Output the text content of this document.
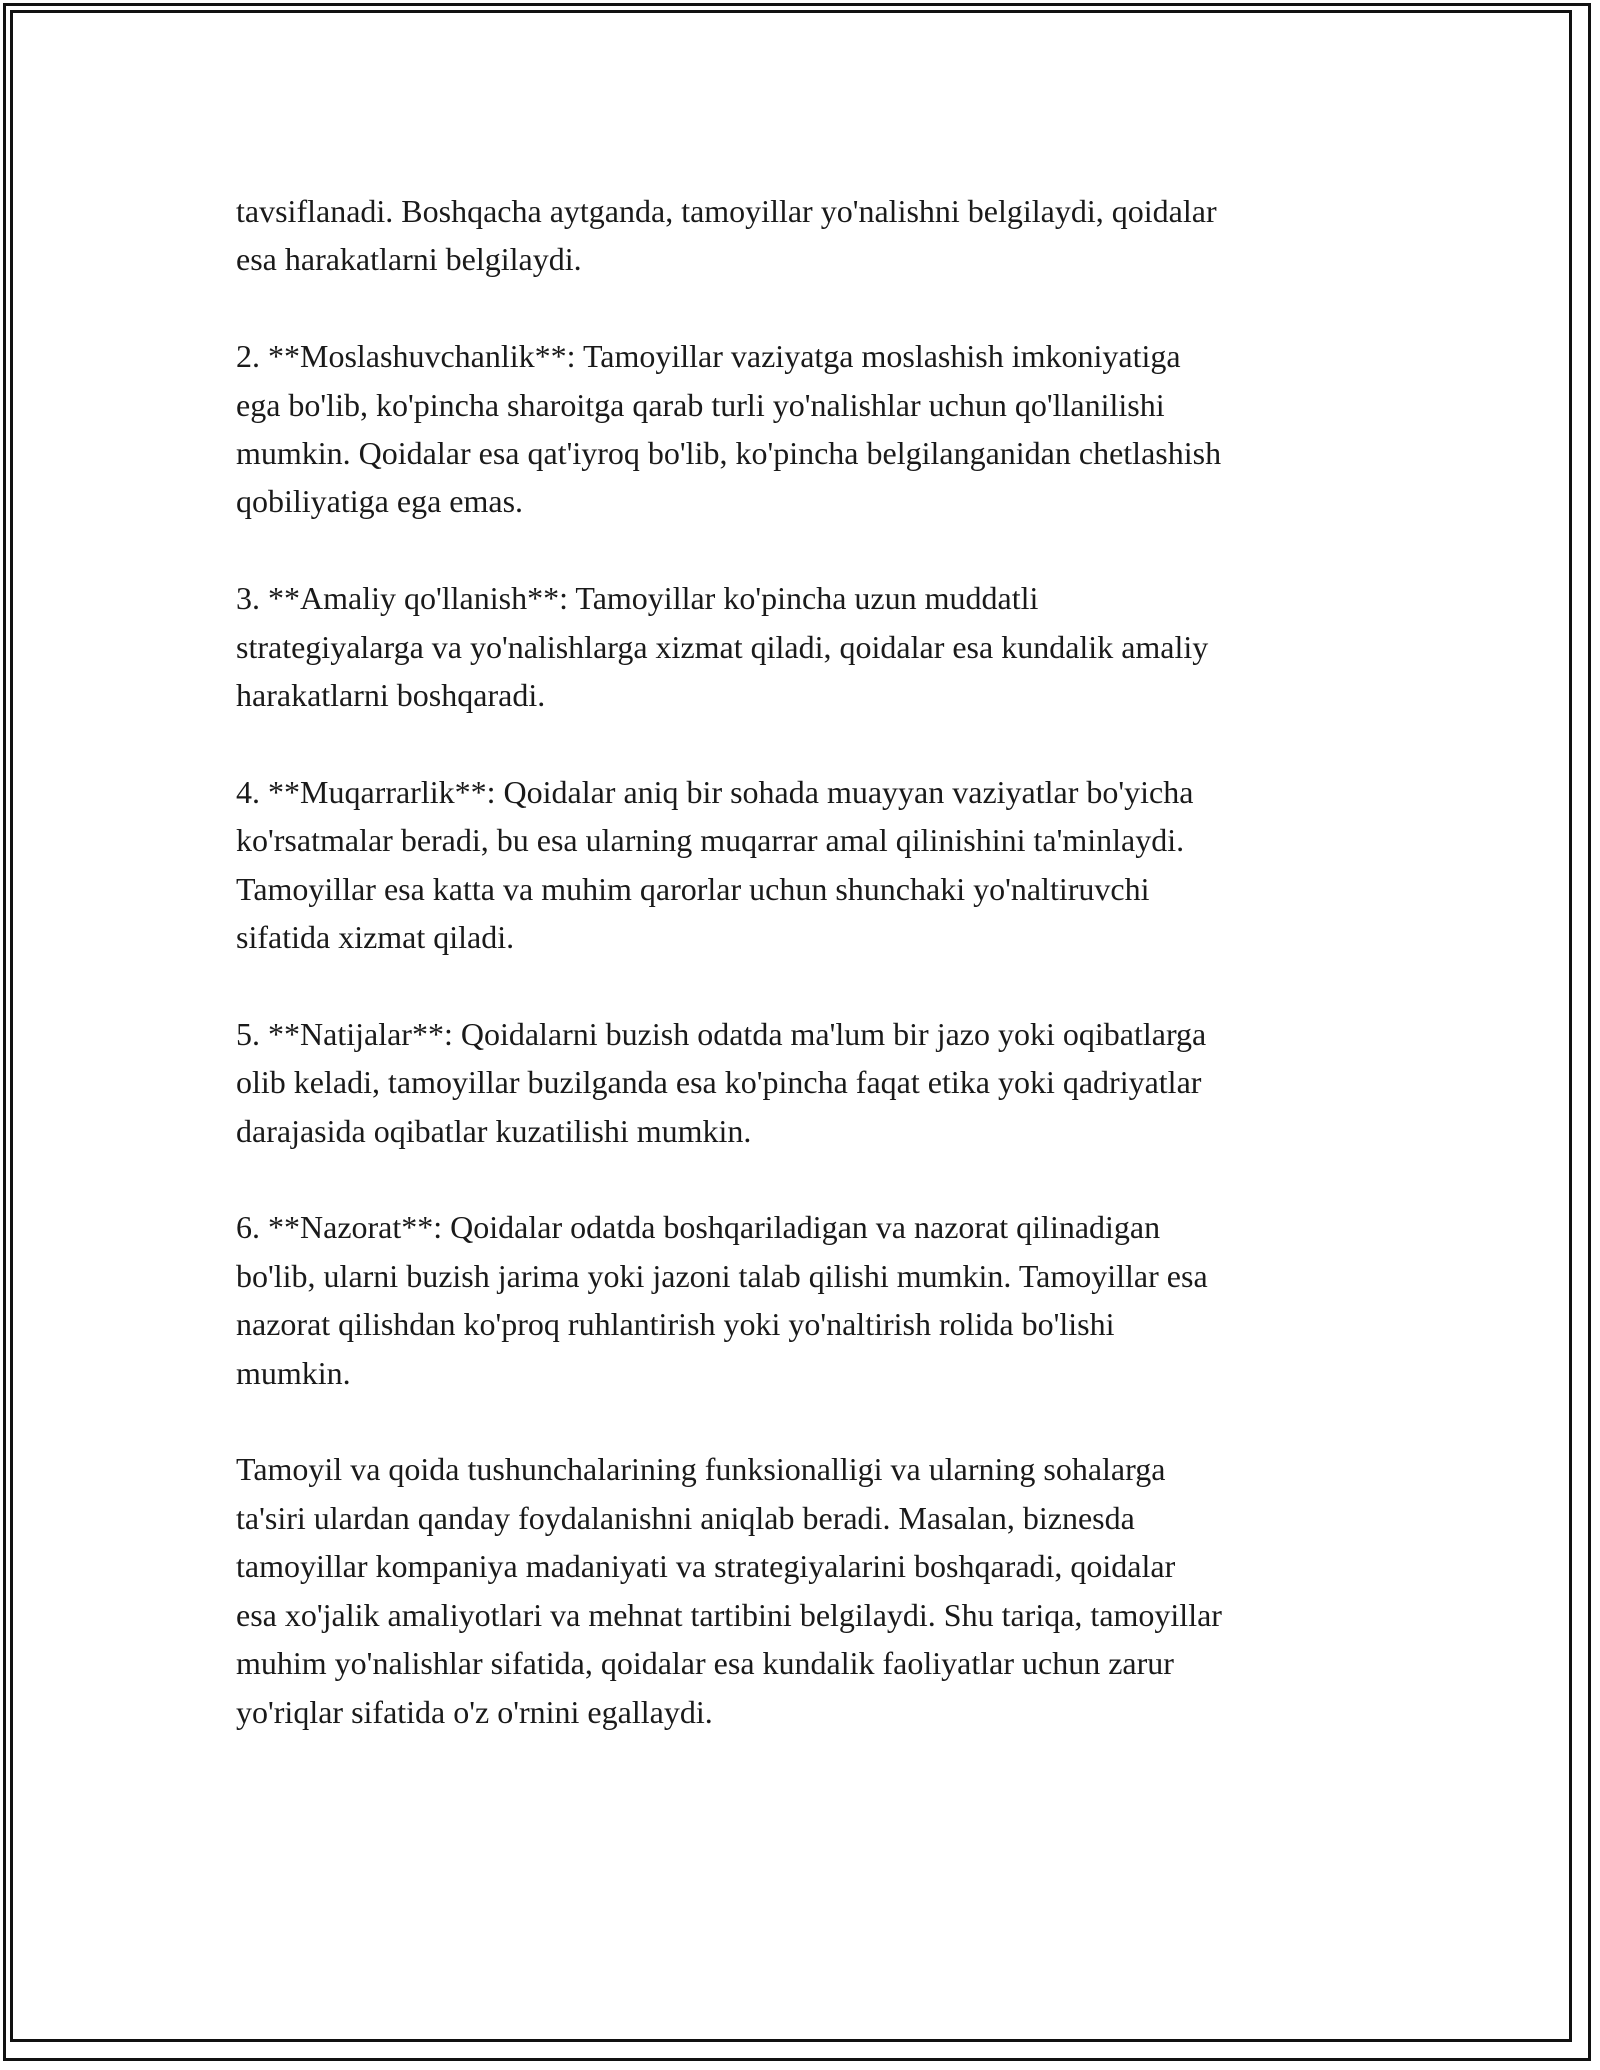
tavsiflanadi. Boshqacha aytganda, tamoyillar yo'nalishni belgilaydi, qoidalar
esa harakatlarni belgilaydi.

2. **Moslashuvchanlik**: Tamoyillar vaziyatga moslashish imkoniyatiga
ega bo'lib, ko'pincha sharoitga qarab turli yo'nalishlar uchun qo'llanilishi
mumkin. Qoidalar esa qat'iyroq bo'lib, ko'pincha belgilanganidan chetlashish
qobiliyatiga ega emas.

3. **Amaliy qo'llanish**: Tamoyillar ko'pincha uzun muddatli
strategiyalarga va yo'nalishlarga xizmat qiladi, qoidalar esa kundalik amaliy
harakatlarni boshqaradi.

4. **Muqarrarlik**: Qoidalar aniq bir sohada muayyan vaziyatlar bo'yicha
ko'rsatmalar beradi, bu esa ularning muqarrar amal qilinishini ta'minlaydi.
Tamoyillar esa katta va muhim qarorlar uchun shunchaki yo'naltiruvchi
sifatida xizmat qiladi.

5. **Natijalar**: Qoidalarni buzish odatda ma'lum bir jazo yoki oqibatlarga
olib keladi, tamoyillar buzilganda esa ko'pincha faqat etika yoki qadriyatlar
darajasida oqibatlar kuzatilishi mumkin.

6. **Nazorat**: Qoidalar odatda boshqariladigan va nazorat qilinadigan
bo'lib, ularni buzish jarima yoki jazoni talab qilishi mumkin. Tamoyillar esa
nazorat qilishdan ko'proq ruhlantirish yoki yo'naltirish rolida bo'lishi
mumkin.

Tamoyil va qoida tushunchalarining funksionalligi va ularning sohalarga
ta'siri ulardan qanday foydalanishni aniqlab beradi. Masalan, biznesda
tamoyillar kompaniya madaniyati va strategiyalarini boshqaradi, qoidalar
esa xo'jalik amaliyotlari va mehnat tartibini belgilaydi. Shu tariqa, tamoyillar
muhim yo'nalishlar sifatida, qoidalar esa kundalik faoliyatlar uchun zarur
yo'riqlar sifatida o'z o'rnini egallaydi.
